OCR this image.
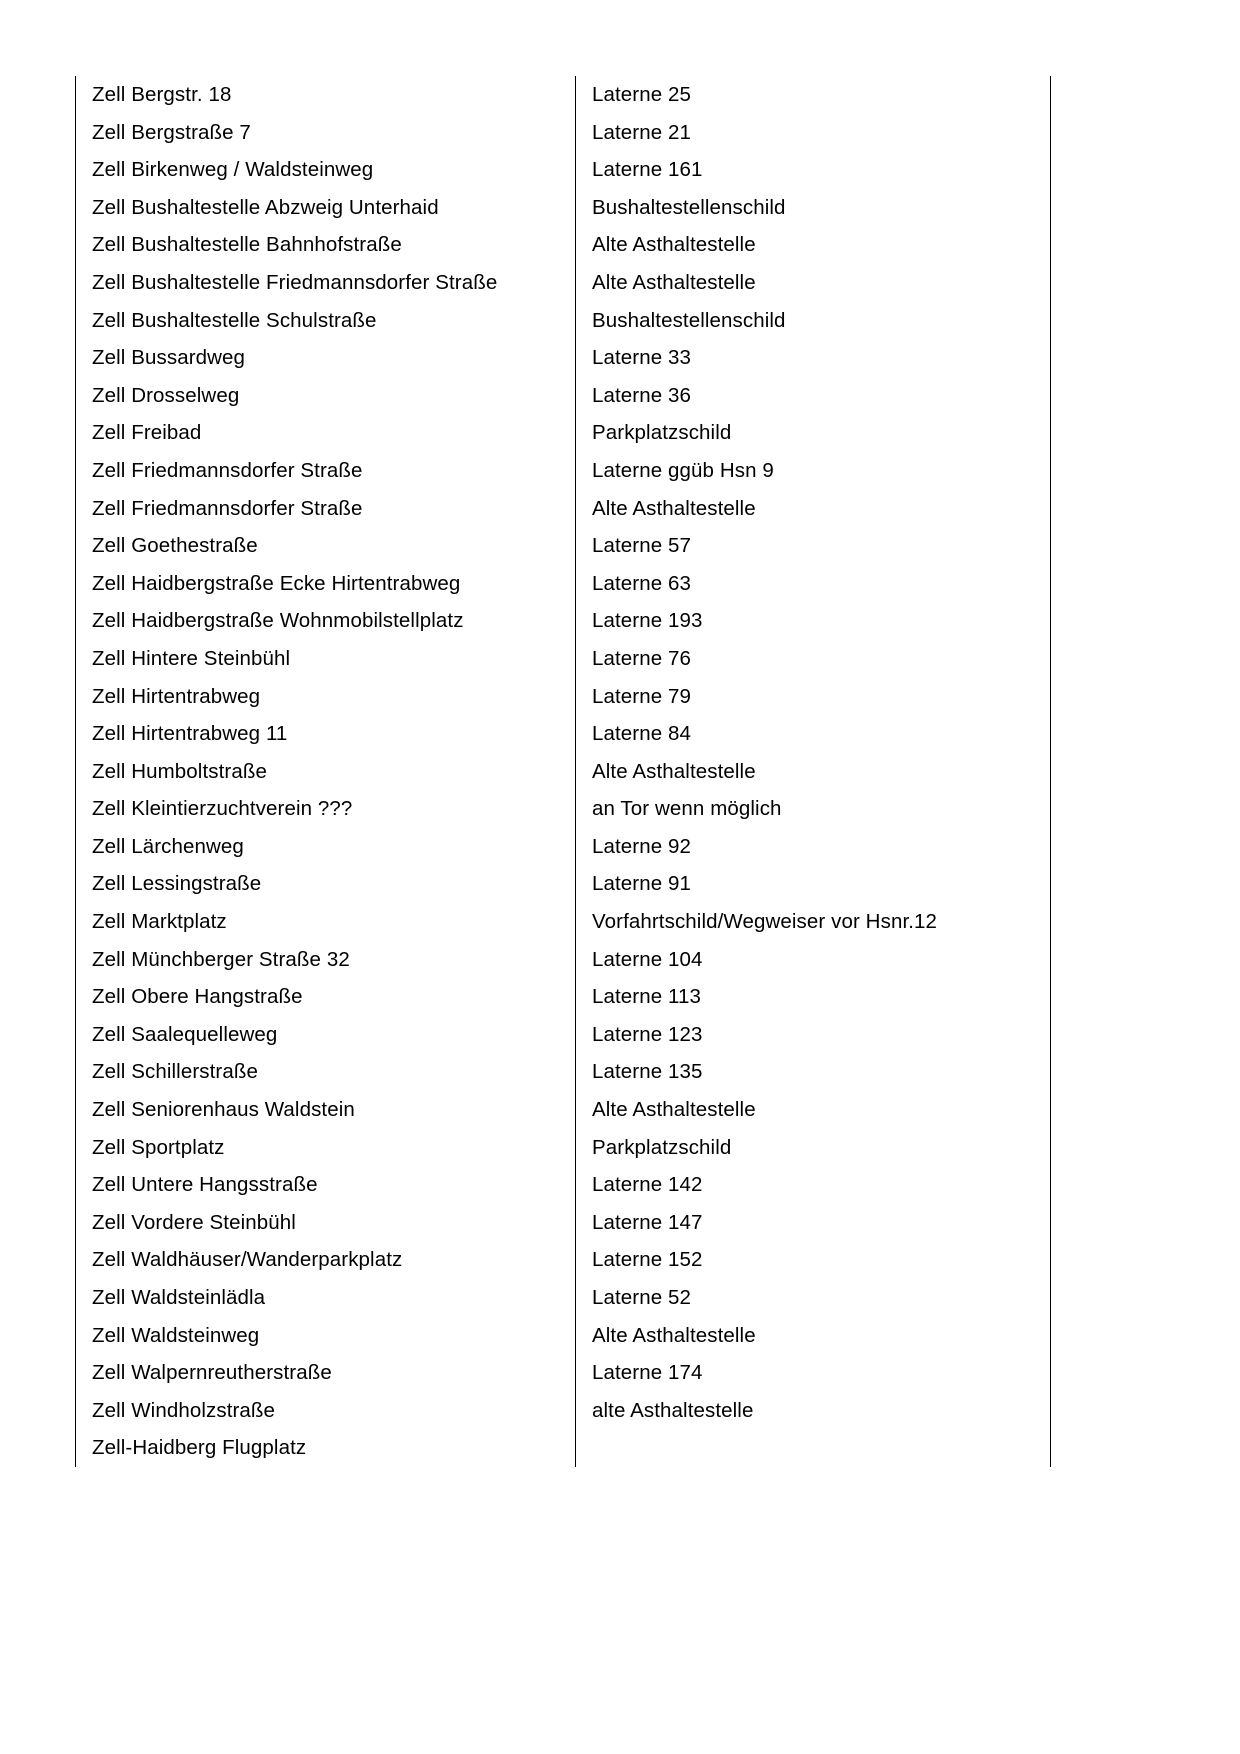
Zell Bergstr. 18	Laterne 25
Zell Bergstraße 7	Laterne 21
Zell Birkenweg / Waldsteinweg	Laterne 161
Zell Bushaltestelle Abzweig Unterhaid	Bushaltestellenschild
Zell Bushaltestelle Bahnhofstraße	Alte Asthaltestelle
Zell Bushaltestelle Friedmannsdorfer Straße	Alte Asthaltestelle
Zell Bushaltestelle Schulstraße	Bushaltestellenschild
Zell Bussardweg	Laterne 33
Zell Drosselweg	Laterne 36
Zell Freibad	Parkplatzschild
Zell Friedmannsdorfer Straße	Laterne ggüb Hsn 9
Zell Friedmannsdorfer Straße	Alte Asthaltestelle
Zell Goethestraße	Laterne 57
Zell Haidbergstraße Ecke Hirtentrabweg	Laterne 63
Zell Haidbergstraße Wohnmobilstellplatz	Laterne 193
Zell Hintere Steinbühl	Laterne 76
Zell Hirtentrabweg	Laterne 79
Zell Hirtentrabweg 11	Laterne 84
Zell Humboltstraße	Alte Asthaltestelle
Zell Kleintierzuchtverein ???	an Tor wenn möglich
Zell Lärchenweg	Laterne 92
Zell Lessingstraße	Laterne 91
Zell Marktplatz	Vorfahrtschild/Wegweiser vor Hsnr.12
Zell Münchberger Straße 32	Laterne 104
Zell Obere Hangstraße	Laterne 113
Zell Saalequelleweg	Laterne 123
Zell Schillerstraße	Laterne 135
Zell Seniorenhaus Waldstein	Alte Asthaltestelle
Zell Sportplatz	Parkplatzschild
Zell Untere Hangsstraße	Laterne 142
Zell Vordere Steinbühl	Laterne 147
Zell Waldhäuser/Wanderparkplatz	Laterne 152
Zell Waldsteinlädla	Laterne 52
Zell Waldsteinweg	Alte Asthaltestelle
Zell Walpernreutherstraße	Laterne 174
Zell Windholzstraße	alte Asthaltestelle
Zell-Haidberg Flugplatz	
